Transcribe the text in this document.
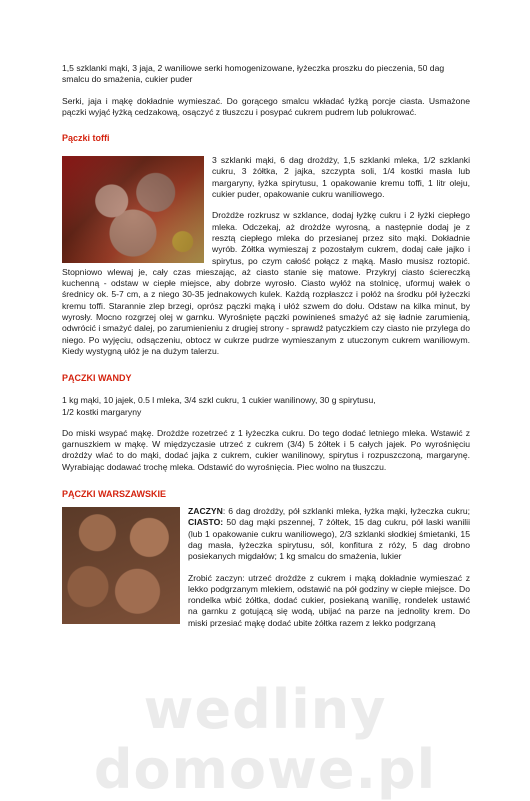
1,5 szklanki mąki, 3 jaja, 2 waniliowe serki homogenizowane, łyżeczka proszku do pieczenia, 50 dag smalcu do smażenia, cukier puder

Serki, jaja i mąkę dokładnie wymieszać. Do gorącego smalcu wkładać łyżką porcje ciasta. Usmażone pączki wyjąć łyżką cedzakową, osączyć z tłuszczu i posypać cukrem pudrem lub polukrować.

Pączki toffi

3 szklanki mąki, 6 dag drożdży, 1,5 szklanki mleka, 1/2 szklanki cukru, 3 żółtka, 2 jajka, szczypta soli, 1/4 kostki masła lub margaryny, łyżka spirytusu, 1 opakowanie kremu toffi, 1 litr oleju, cukier puder, opakowanie cukru waniliowego.

Drożdże rozkrusz w szklance, dodaj łyżkę cukru i 2 łyżki ciepłego mleka. Odczekaj, aż drożdże wyrosną, a następnie dodaj je z resztą ciepłego mleka do przesianej przez sito mąki. Dokładnie wyrób. Żółtka wymieszaj z pozostałym cukrem, dodaj całe jajko i spirytus, po czym całość połącz z mąką. Masło musisz roztopić. Stopniowo wlewaj je, cały czas mieszając, aż ciasto stanie się matowe. Przykryj ciasto ściereczką kuchenną - odstaw w ciepłe miejsce, aby dobrze wyrosło. Ciasto wyłóż na stolnicę, uformuj wałek o średnicy ok. 5-7 cm, a z niego 30-35 jednakowych kulek. Każdą rozpłaszcz i połóż na środku pół łyżeczki kremu toffi. Starannie zlep brzegi, oprósz pączki mąką i ułóż szwem do dołu. Odstaw na kilka minut, by wyrosły. Mocno rozgrzej olej w garnku. Wyrośnięte pączki powinieneś smażyć aż się ładnie zarumienią, odwrócić i smażyć dalej, po zarumienieniu z drugiej strony - sprawdź patyczkiem czy ciasto nie przylega do niego. Po wyjęciu, odsączeniu, obtocz w cukrze pudrze wymieszanym z utuczonym cukrem waniliowym. Kiedy wystygną ułóż je na dużym talerzu.

PĄCZKI WANDY

1 kg mąki, 10 jajek, 0.5 l mleka, 3/4 szkl cukru, 1 cukier wanilinowy, 30 g spirytusu,
1/2 kostki margaryny

Do miski wsypać mąkę. Drożdże rozetrzeć z 1 łyżeczka cukru. Do tego dodać letniego mleka. Wstawić z garnuszkiem w mąkę. W międzyczasie utrzeć z cukrem (3/4) 5 żółtek i 5 całych jajek. Po wyrośnięciu drożdży wlać to do mąki, dodać jajka z cukrem, cukier wanilinowy, spirytus i rozpuszczoną, margarynę. Wyrabiając dodawać trochę mleka. Odstawić do wyrośnięcia. Piec wolno na tłuszczu.

PĄCZKI WARSZAWSKIE

ZACZYN: 6 dag drożdży, pół szklanki mleka, łyżka mąki, łyżeczka cukru; CIASTO: 50 dag mąki pszennej, 7 żółtek, 15 dag cukru, pół laski wanilii (lub 1 opakowanie cukru waniliowego), 2/3 szklanki słodkiej śmietanki, 15 dag masła, łyżeczka spirytusu, sól, konfitura z róży, 5 dag drobno posiekanych migdałów; 1 kg smalcu do smażenia, lukier

Zrobić zaczyn: utrzeć drożdże z cukrem i mąką dokładnie wymieszać z lekko podgrzanym mlekiem, odstawić na pół godziny w ciepłe miejsce. Do rondelka wbić żółtka, dodać cukier, posiekaną wanilię, rondelek ustawić na garnku z gotującą się wodą, ubijać na parze na jednolity krem. Do miski przesiać mąkę dodać ubite żółtka razem z lekko podgrzaną

wedliny domowe.pl
